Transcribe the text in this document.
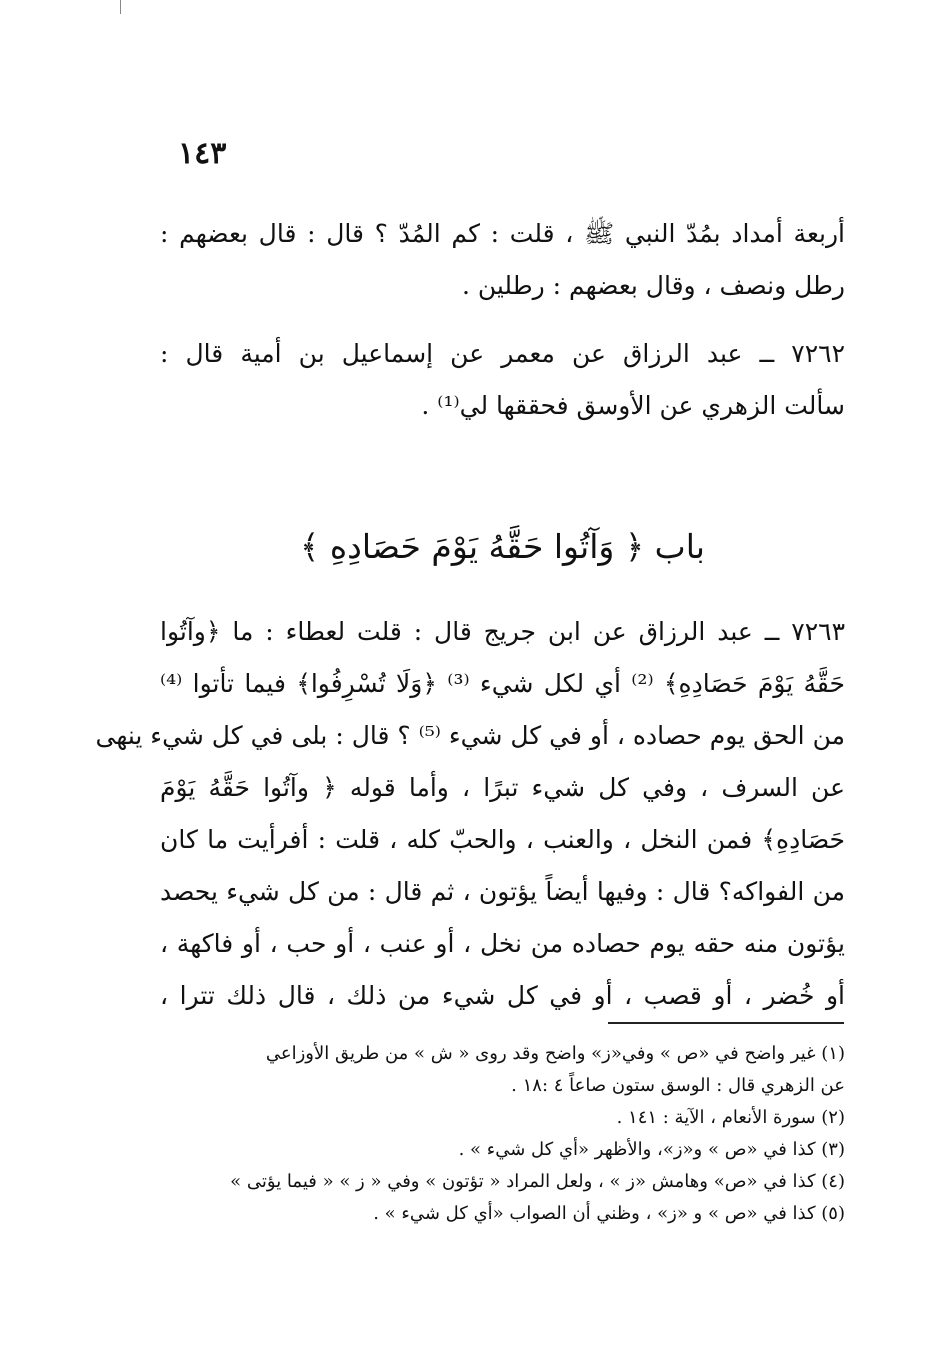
١٤٣
أربعة أمداد بمُدّ النبي ﷺ ، قلت : كم المُدّ ؟ قال : قال بعضهم :
رطل ونصف ، وقال بعضهم : رطلين .
٧٢٦٢ ــ عبد الرزاق عن معمر عن إسماعيل بن أمية قال :
سألت الزهري عن الأوسق فحققها لي⁽¹⁾ .
باب ﴿ وَآتُوا حَقَّهُ يَوْمَ حَصَادِهِ ﴾
٧٢٦٣ ــ عبد الرزاق عن ابن جريج قال : قلت لعطاء : ما ﴿وآتُوا
حَقَّهُ يَوْمَ حَصَادِهِ﴾ ⁽²⁾ أي لكل شيء ⁽³⁾ ﴿وَلَا تُسْرِفُوا﴾ فيما تأتوا ⁽⁴⁾
من الحق يوم حصاده ، أو في كل شيء ⁽⁵⁾ ؟ قال : بلى في كل شيء ينهى
عن السرف ، وفي كل شيء تبرًا ، وأما قوله ﴿ وآتُوا حَقَّهُ يَوْمَ
حَصَادِهِ﴾ فمن النخل ، والعنب ، والحبّ كله ، قلت : أفرأيت ما كان
من الفواكه؟ قال : وفيها أيضاً يؤتون ، ثم قال : من كل شيء يحصد
يؤتون منه حقه يوم حصاده من نخل ، أو عنب ، أو حب ، أو فاكهة ،
أو خُضر ، أو قصب ، أو في كل شيء من ذلك ، قال ذلك تترا ،
(١) غير واضح في «ص » وفي«ز» واضح وقد روى « ش » من طريق الأوزاعي
عن الزهري قال : الوسق ستون صاعاً ٤ :١٨ .
(٢) سورة الأنعام ، الآية : ١٤١ .
(٣) كذا في «ص » و«ز»، والأظهر «أي كل شيء » .
(٤) كذا في «ص» وهامش «ز » ، ولعل المراد « تؤتون » وفي « ز » « فيما يؤتى »
(٥) كذا في «ص » و «ز» ، وظني أن الصواب «أي كل شيء » .
